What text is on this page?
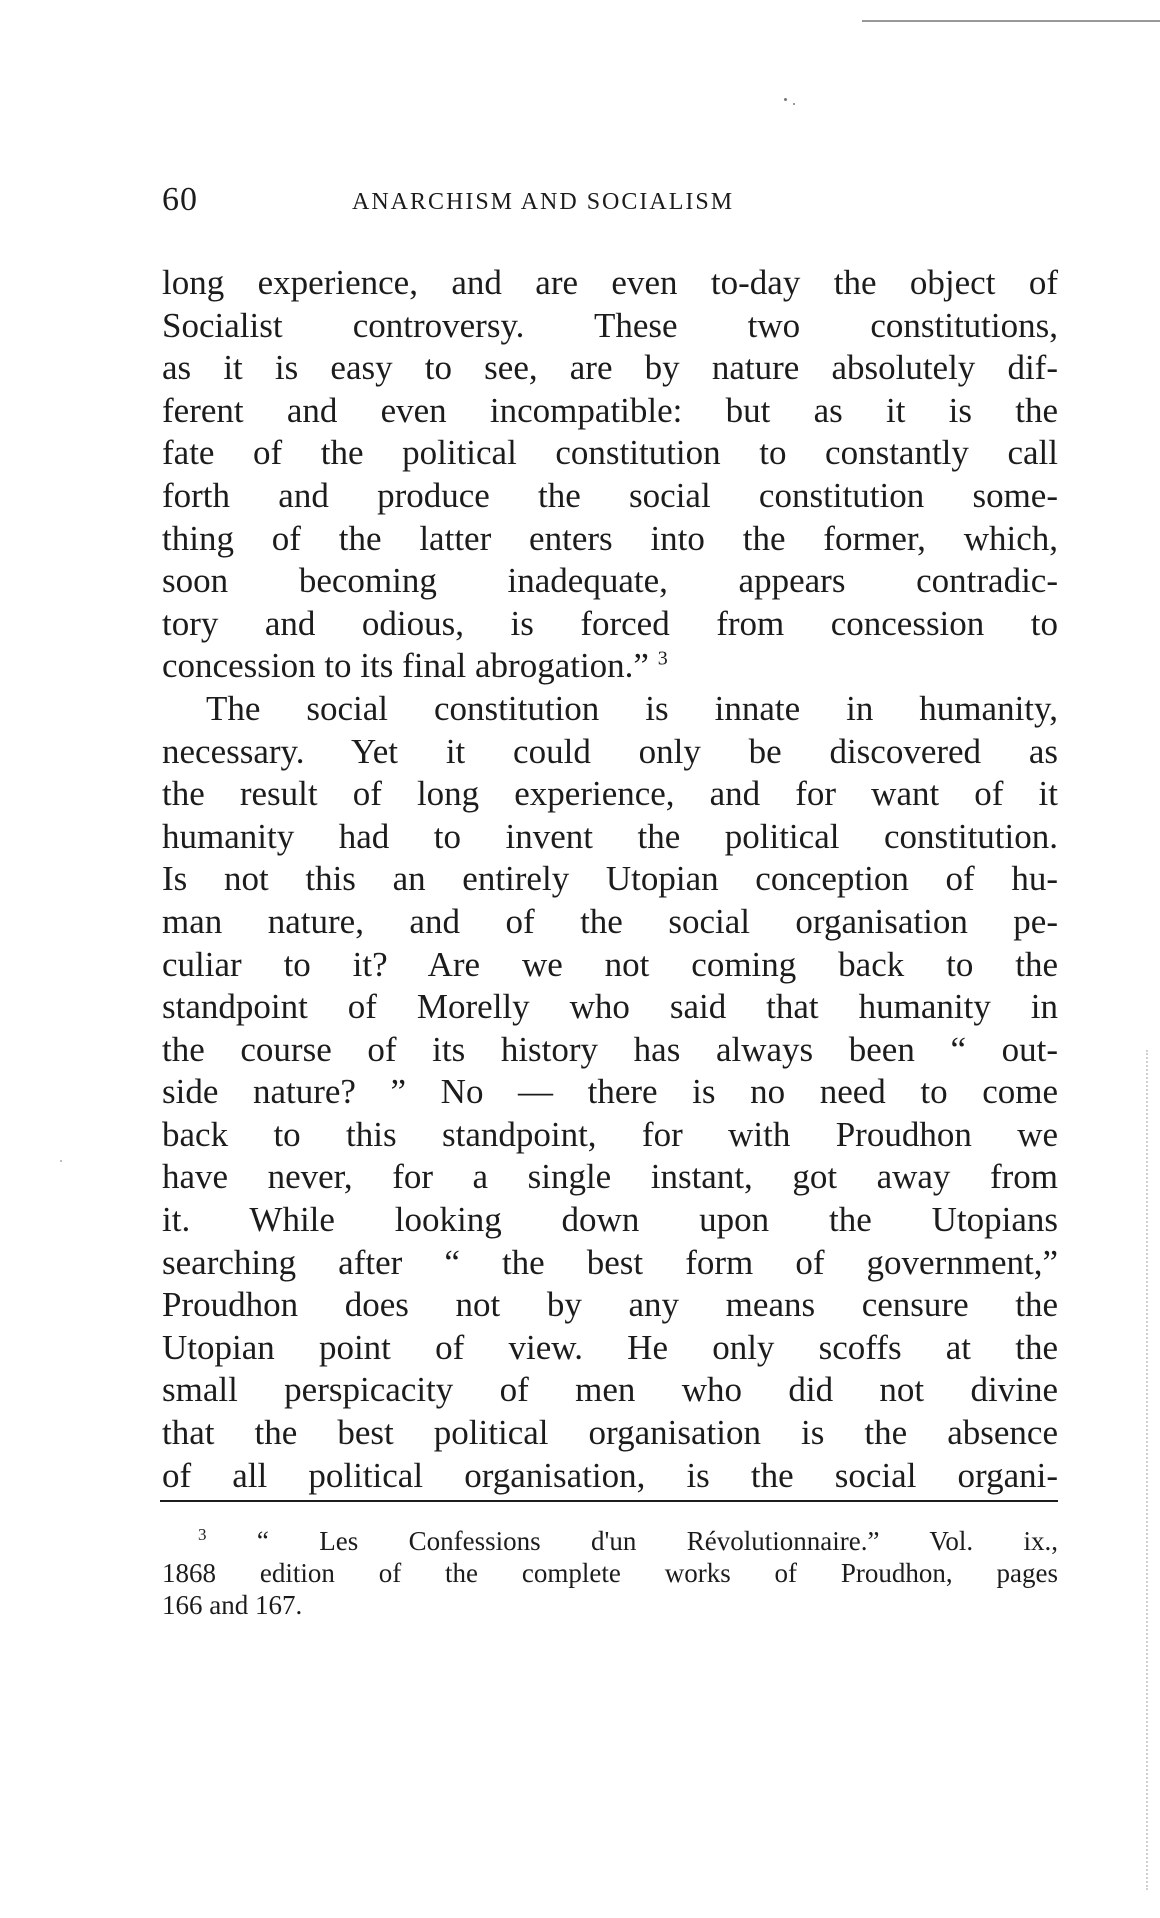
60	ANARCHISM AND SOCIALISM
long experience, and are even to-day the object of
Socialist controversy. These two constitutions,
as it is easy to see, are by nature absolutely dif-
ferent and even incompatible: but as it is the
fate of the political constitution to constantly call
forth and produce the social constitution some-
thing of the latter enters into the former, which,
soon becoming inadequate, appears contradic-
tory and odious, is forced from concession to
concession to its final abrogation.” $^3$
The social constitution is innate in humanity,
necessary. Yet it could only be discovered as
the result of long experience, and for want of it
humanity had to invent the political constitution.
Is not this an entirely Utopian conception of hu-
man nature, and of the social organisation pe-
culiar to it? Are we not coming back to the
standpoint of Morelly who said that humanity in
the course of its history has always been “ out-
side nature? ” No — there is no need to come
back to this standpoint, for with Proudhon we
have never, for a single instant, got away from
it. While looking down upon the Utopians
searching after “ the best form of government,”
Proudhon does not by any means censure the
Utopian point of view. He only scoffs at the
small perspicacity of men who did not divine
that the best political organisation is the absence
of all political organisation, is the social organi-
$^3$ “ Les Confessions d'un Révolutionnaire.” Vol. ix.,
1868 edition of the complete works of Proudhon, pages
166 and 167.
